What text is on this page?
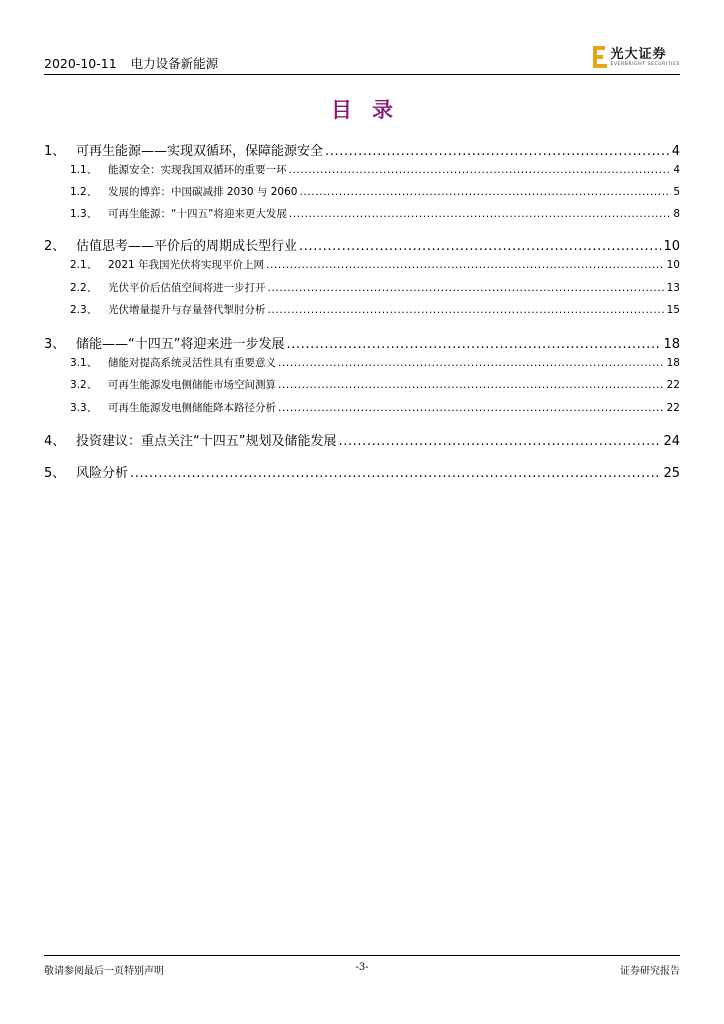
2020-10-11 电力设备新能源
光大证券
EVERBRIGHT SECURITIES
目录
1、 可再生能源——实现双循环，保障能源安全 .....	4
1.1、	能源安全：实现我国双循环的重要一环 .....	4
1.2、	发展的博弈：中国碳减排 2030 与 2060 .....	5
1.3、	可再生能源：“十四五”将迎来更大发展 .....	8
2、 估值思考——平价后的周期成长型行业 .....	10
2.1、	2021 年我国光伏将实现平价上网 .....	10
2.2、	光伏平价后估值空间将进一步打开 .....	13
2.3、	光伏增量提升与存量替代掣肘分析 .....	15
3、 储能——“十四五”将迎来进一步发展 .....	18
3.1、	储能对提高系统灵活性具有重要意义 .....	18
3.2、	可再生能源发电侧储能市场空间测算 .....	22
3.3、	可再生能源发电侧储能降本路径分析 .....	22
4、 投资建议：重点关注“十四五”规划及储能发展 .....	24
5、 风险分析 .....	25
敬请参阅最后一页特别声明	-3-	证券研究报告
